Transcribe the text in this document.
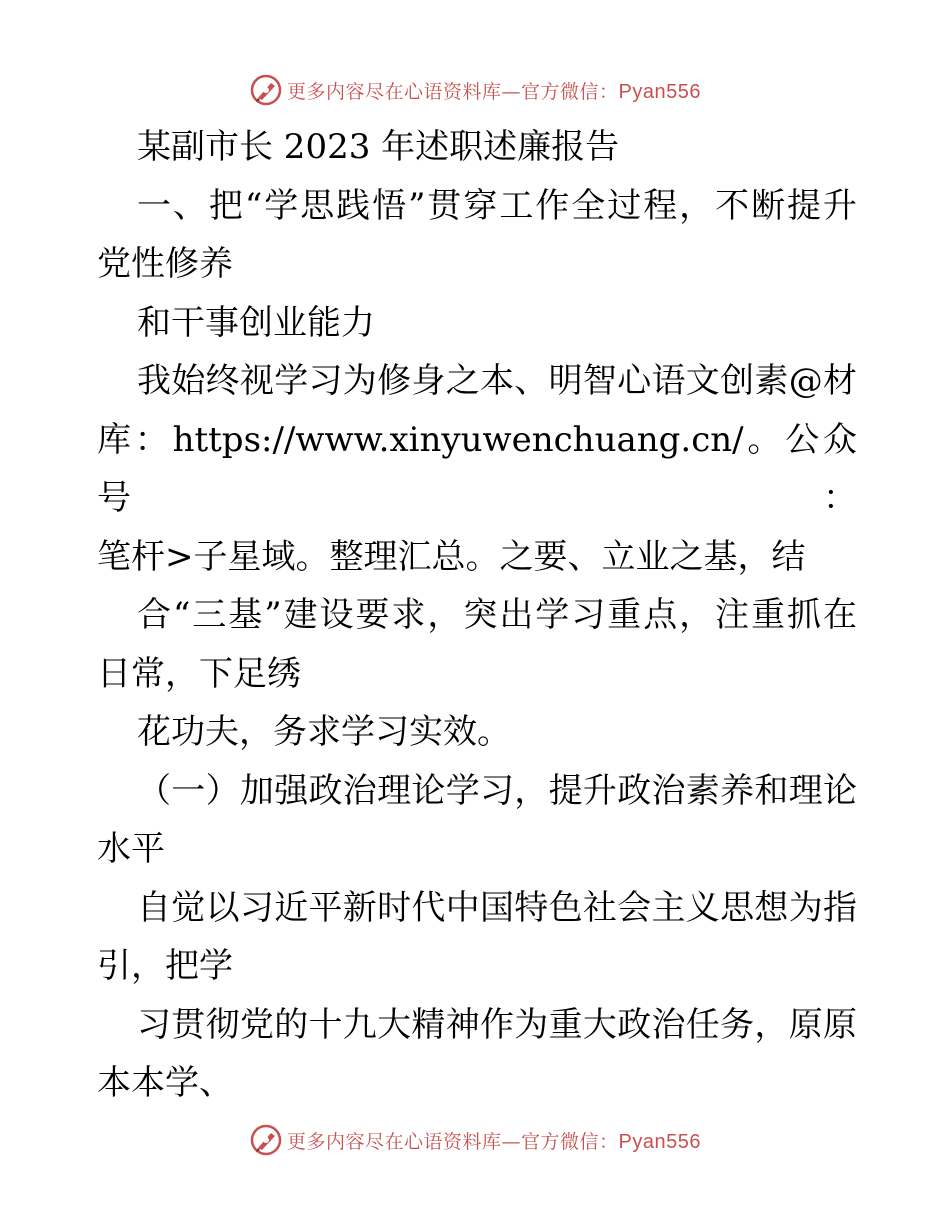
更多内容尽在心语资料库—官方微信：Pyan556

某副市长 2023 年述职述廉报告

一、把“学思践悟”贯穿工作全过程，不断提升

党性修养

和干事创业能力

我始终视学习为修身之本、明智心语文创素@材

库：https://www.xinyuwenchuang.cn/。公众号：

笔杆>子星域。整理汇总。之要、立业之基，结

合“三基”建设要求，突出学习重点，注重抓在

日常，下足绣

花功夫，务求学习实效。

（一）加强政治理论学习，提升政治素养和理论

水平

自觉以习近平新时代中国特色社会主义思想为指

引，把学

习贯彻党的十九大精神作为重大政治任务，原原

本本学、

更多内容尽在心语资料库—官方微信：Pyan556
